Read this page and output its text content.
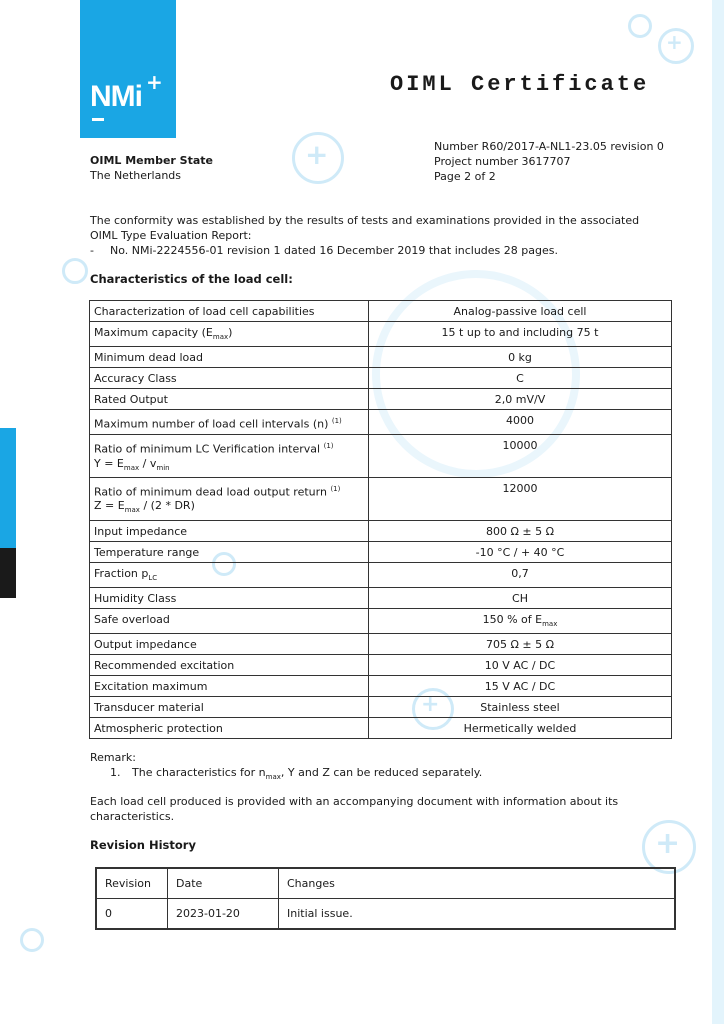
+
+
+
+
NMi +	OIML Certificate
OIML Member State
The Netherlands
Number R60/2017-A-NL1-23.05 revision 0
Project number 3617707
Page 2 of 2
The conformity was established by the results of tests and examinations provided in the associated
OIML Type Evaluation Report:
- No. NMi-2224556-01 revision 1 dated 16 December 2019 that includes 28 pages.
Characteristics of the load cell:
Characterization of load cell capabilities	Analog-passive load cell
Maximum capacity $(E_{max})$	15 t up to and including 75 t
Minimum dead load	0 kg
Accuracy Class	C
Rated Output	2,0 mV/V
Maximum number of load cell intervals (n) $^{(1)}$	4000
Ratio of minimum LC Verification interval $^{(1)}$
$Y = E_{max} / v_{min}$	10000
Ratio of minimum dead load output return $^{(1)}$
$Z = E_{max} / (2 * DR)$	12000
Input impedance	800 Ω ± 5 Ω
Temperature range	-10 °C / + 40 °C
Fraction $p_{LC}$	0,7
Humidity Class	CH
Safe overload	150 % of $E_{max}$
Output impedance	705 Ω ± 5 Ω
Recommended excitation	10 V AC / DC
Excitation maximum	15 V AC / DC
Transducer material	Stainless steel
Atmospheric protection	Hermetically welded
Remark:
1. The characteristics for $n_{max}$, Y and Z can be reduced separately.
Each load cell produced is provided with an accompanying document with information about its
characteristics.
Revision History
Revision	Date	Changes
0	2023-01-20	Initial issue.
